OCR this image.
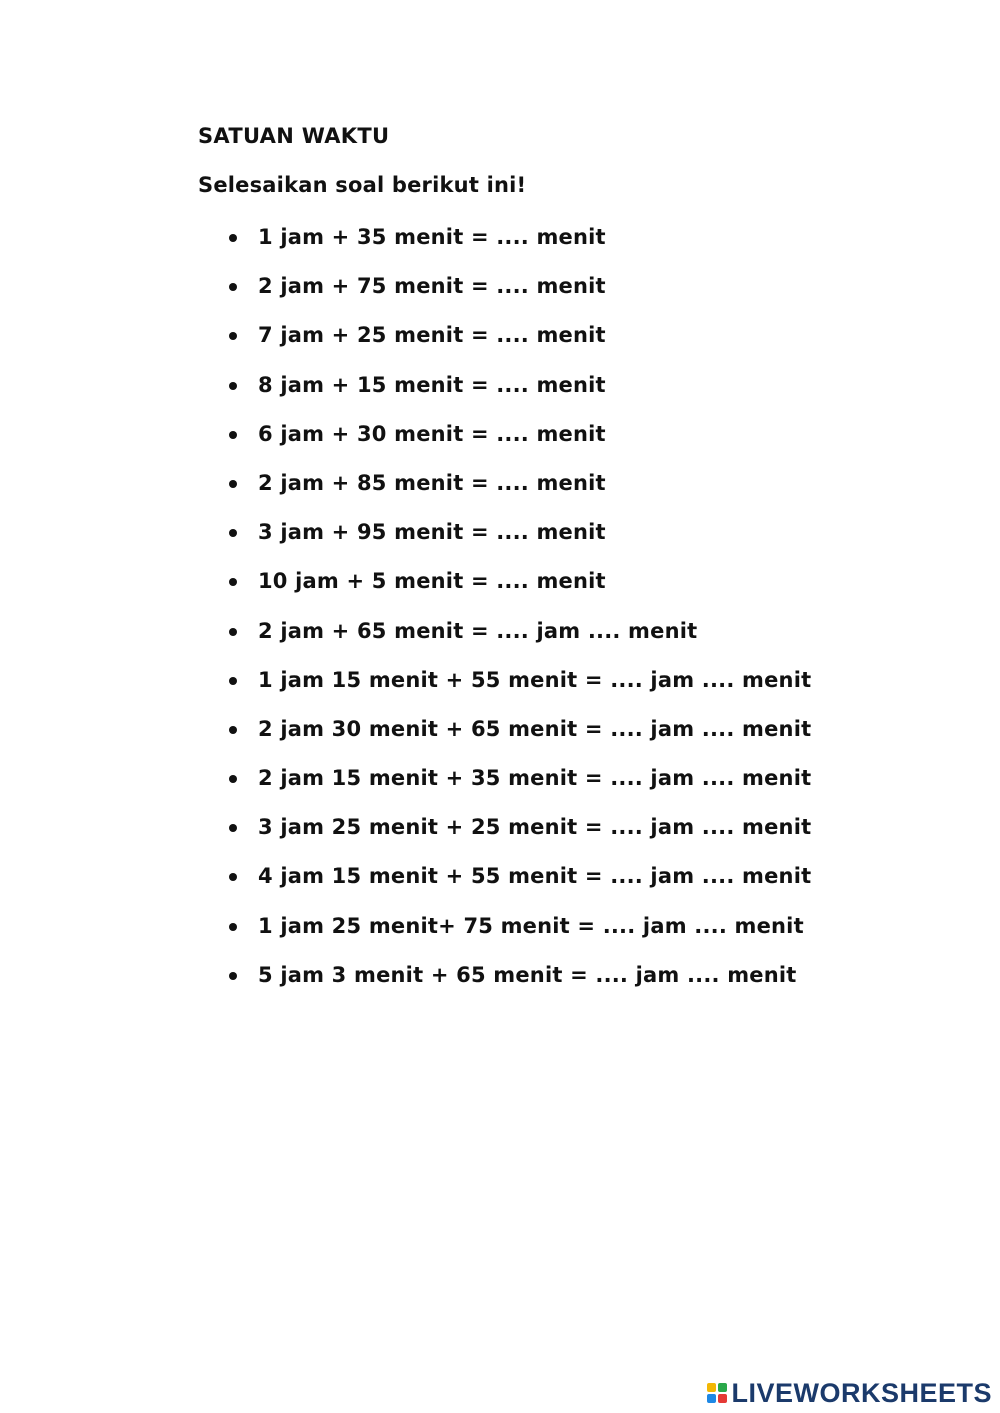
SATUAN WAKTU
Selesaikan soal berikut ini!
1 jam + 35 menit = .... menit
2 jam + 75 menit = .... menit
7 jam + 25 menit = .... menit
8 jam + 15 menit = .... menit
6 jam + 30 menit = .... menit
2 jam + 85 menit = .... menit
3 jam + 95 menit = .... menit
10 jam + 5 menit = .... menit
2 jam + 65 menit = .... jam .... menit
1 jam 15 menit + 55 menit = .... jam .... menit
2 jam 30 menit + 65 menit = .... jam .... menit
2 jam 15 menit + 35 menit = .... jam .... menit
3 jam 25 menit + 25 menit = .... jam .... menit
4 jam 15 menit + 55 menit = .... jam .... menit
1 jam 25 menit+ 75 menit = .... jam .... menit
5 jam 3 menit + 65 menit = .... jam .... menit
LIVEWORKSHEETS
